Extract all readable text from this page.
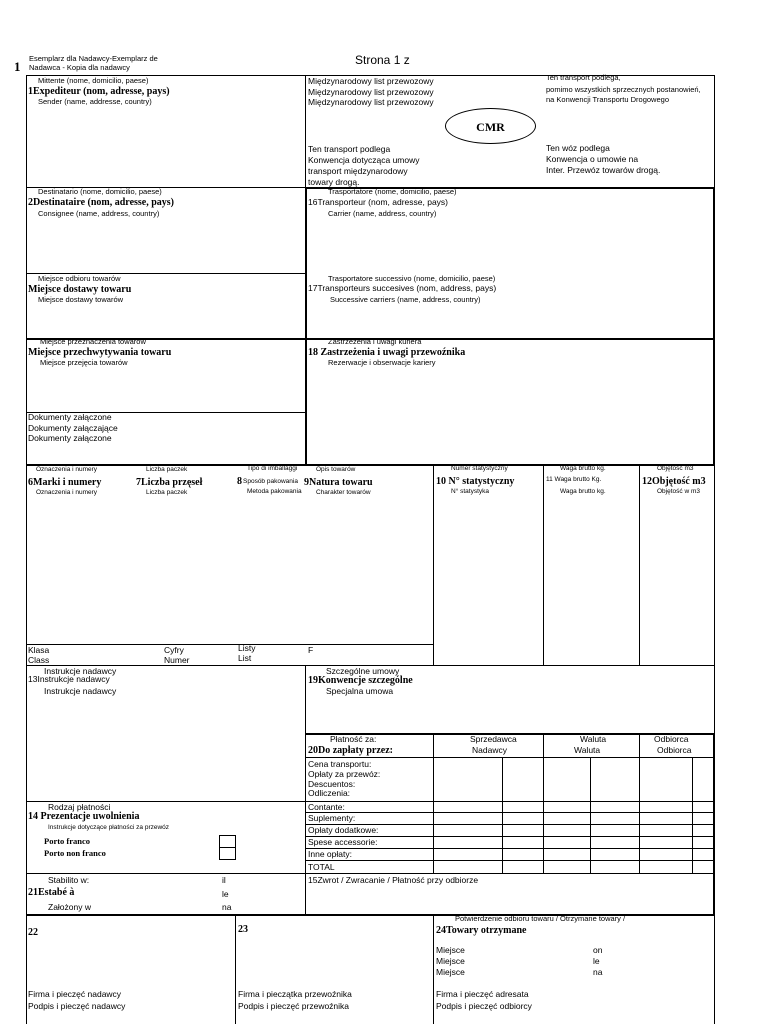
1
Esemplarz dla Nadawcy-Exemplarz de
Nadawca - Kopia dla nadawcy
Strona 1 z
Mittente (nome, domicilio, paese)
1Expediteur (nom, adresse, pays)
Sender (name, addresse, country)
Międzynarodowy list przewozowy
Międzynarodowy list przewozowy
Międzynarodowy list przewozowy
Ten transport podlega,
pomimo wszystkich sprzecznych postanowień,
na Konwencji Transportu Drogowego
CMR
Ten transport podlega
Konwencja dotycząca umowy
transport międzynarodowy
towary drogą.
Ten wóz podlega
Konwencja o umowie na
Inter. Przewóz towarów drogą.
Destinatario (nome, domicilio, paese)
2Destinataire (nom, adresse, pays)
Consignee (name, address, country)
Trasportatore (nome, domicilio, paese)
16Transporteur (nom, adresse, pays)
Carrier (name, address, country)
Miejsce odbioru towarów
Miejsce dostawy towaru
Miejsce dostawy towarów
Trasportatore successivo (nome, domicilio, paese)
17Transporteurs succesives (nom, address, pays)
Successive carriers (name, address, country)
Miejsce przeznaczenia towarów
Miejsce przechwytywania towaru
Miejsce przejęcia towarów
Zastrzeżenia i uwagi kuriera
18 Zastrzeżenia i uwagi przewoźnika
Rezerwacje i obserwacje kariery
Dokumenty załączone
Dokumenty załączające
Dokumenty załączone
Oznaczenia i numery
6Marki i numery
Oznaczenia i numery
Liczba paczek
7Liczba przęseł
Liczba paczek
Tipo di imballaggi
8 Sposób pakowania
Metoda pakowania
Opis towarów
9Natura towaru
Charakter towarów
Numer statystyczny
10 N° statystyczny
N° statystyka
Waga brutto kg.
11 Waga brutto Kg.
Waga brutto kg.
Objętość m3
12Objętość m3
Objętość w m3
Klasa
Class
Cyfry
Numer
Listy
List
F
Instrukcje nadawcy
13Instrukcje nadawcy
Instrukcje nadawcy
Szczególne umowy
19Konwencje szczególne
Specjalna umowa
Płatność za:
20Do zapłaty przez:
Sprzedawca
Nadawcy
Waluta
Waluta
Odbiorca
Odbiorca
Cena transportu:
Opłaty za przewóz:
Descuentos:
Odliczenia:
Contante:
Suplementy:
Opłaty dodatkowe:
Spese accessorie:
Inne opłaty:
TOTAL
Rodzaj płatności
14 Prezentacje uwolnienia
Instrukcje dotyczące płatności za przewóz
Porto franco
Porto non franco
Stabilito w:
21Estabé à
Założony w
il
le
na
15Zwrot / Zwracanie / Płatność przy odbiorze
22
Firma i pieczęć nadawcy
Podpis i pieczęć nadawcy
23
Firma i pieczątka przewoźnika
Podpis i pieczęć przewoźnika
Potwierdzenie odbioru towaru / Otrzymane towary /
24Towary otrzymane
Miejsce
Miejsce
Miejsce
on
le
na
Firma i pieczęć adresata
Podpis i pieczęć odbiorcy
